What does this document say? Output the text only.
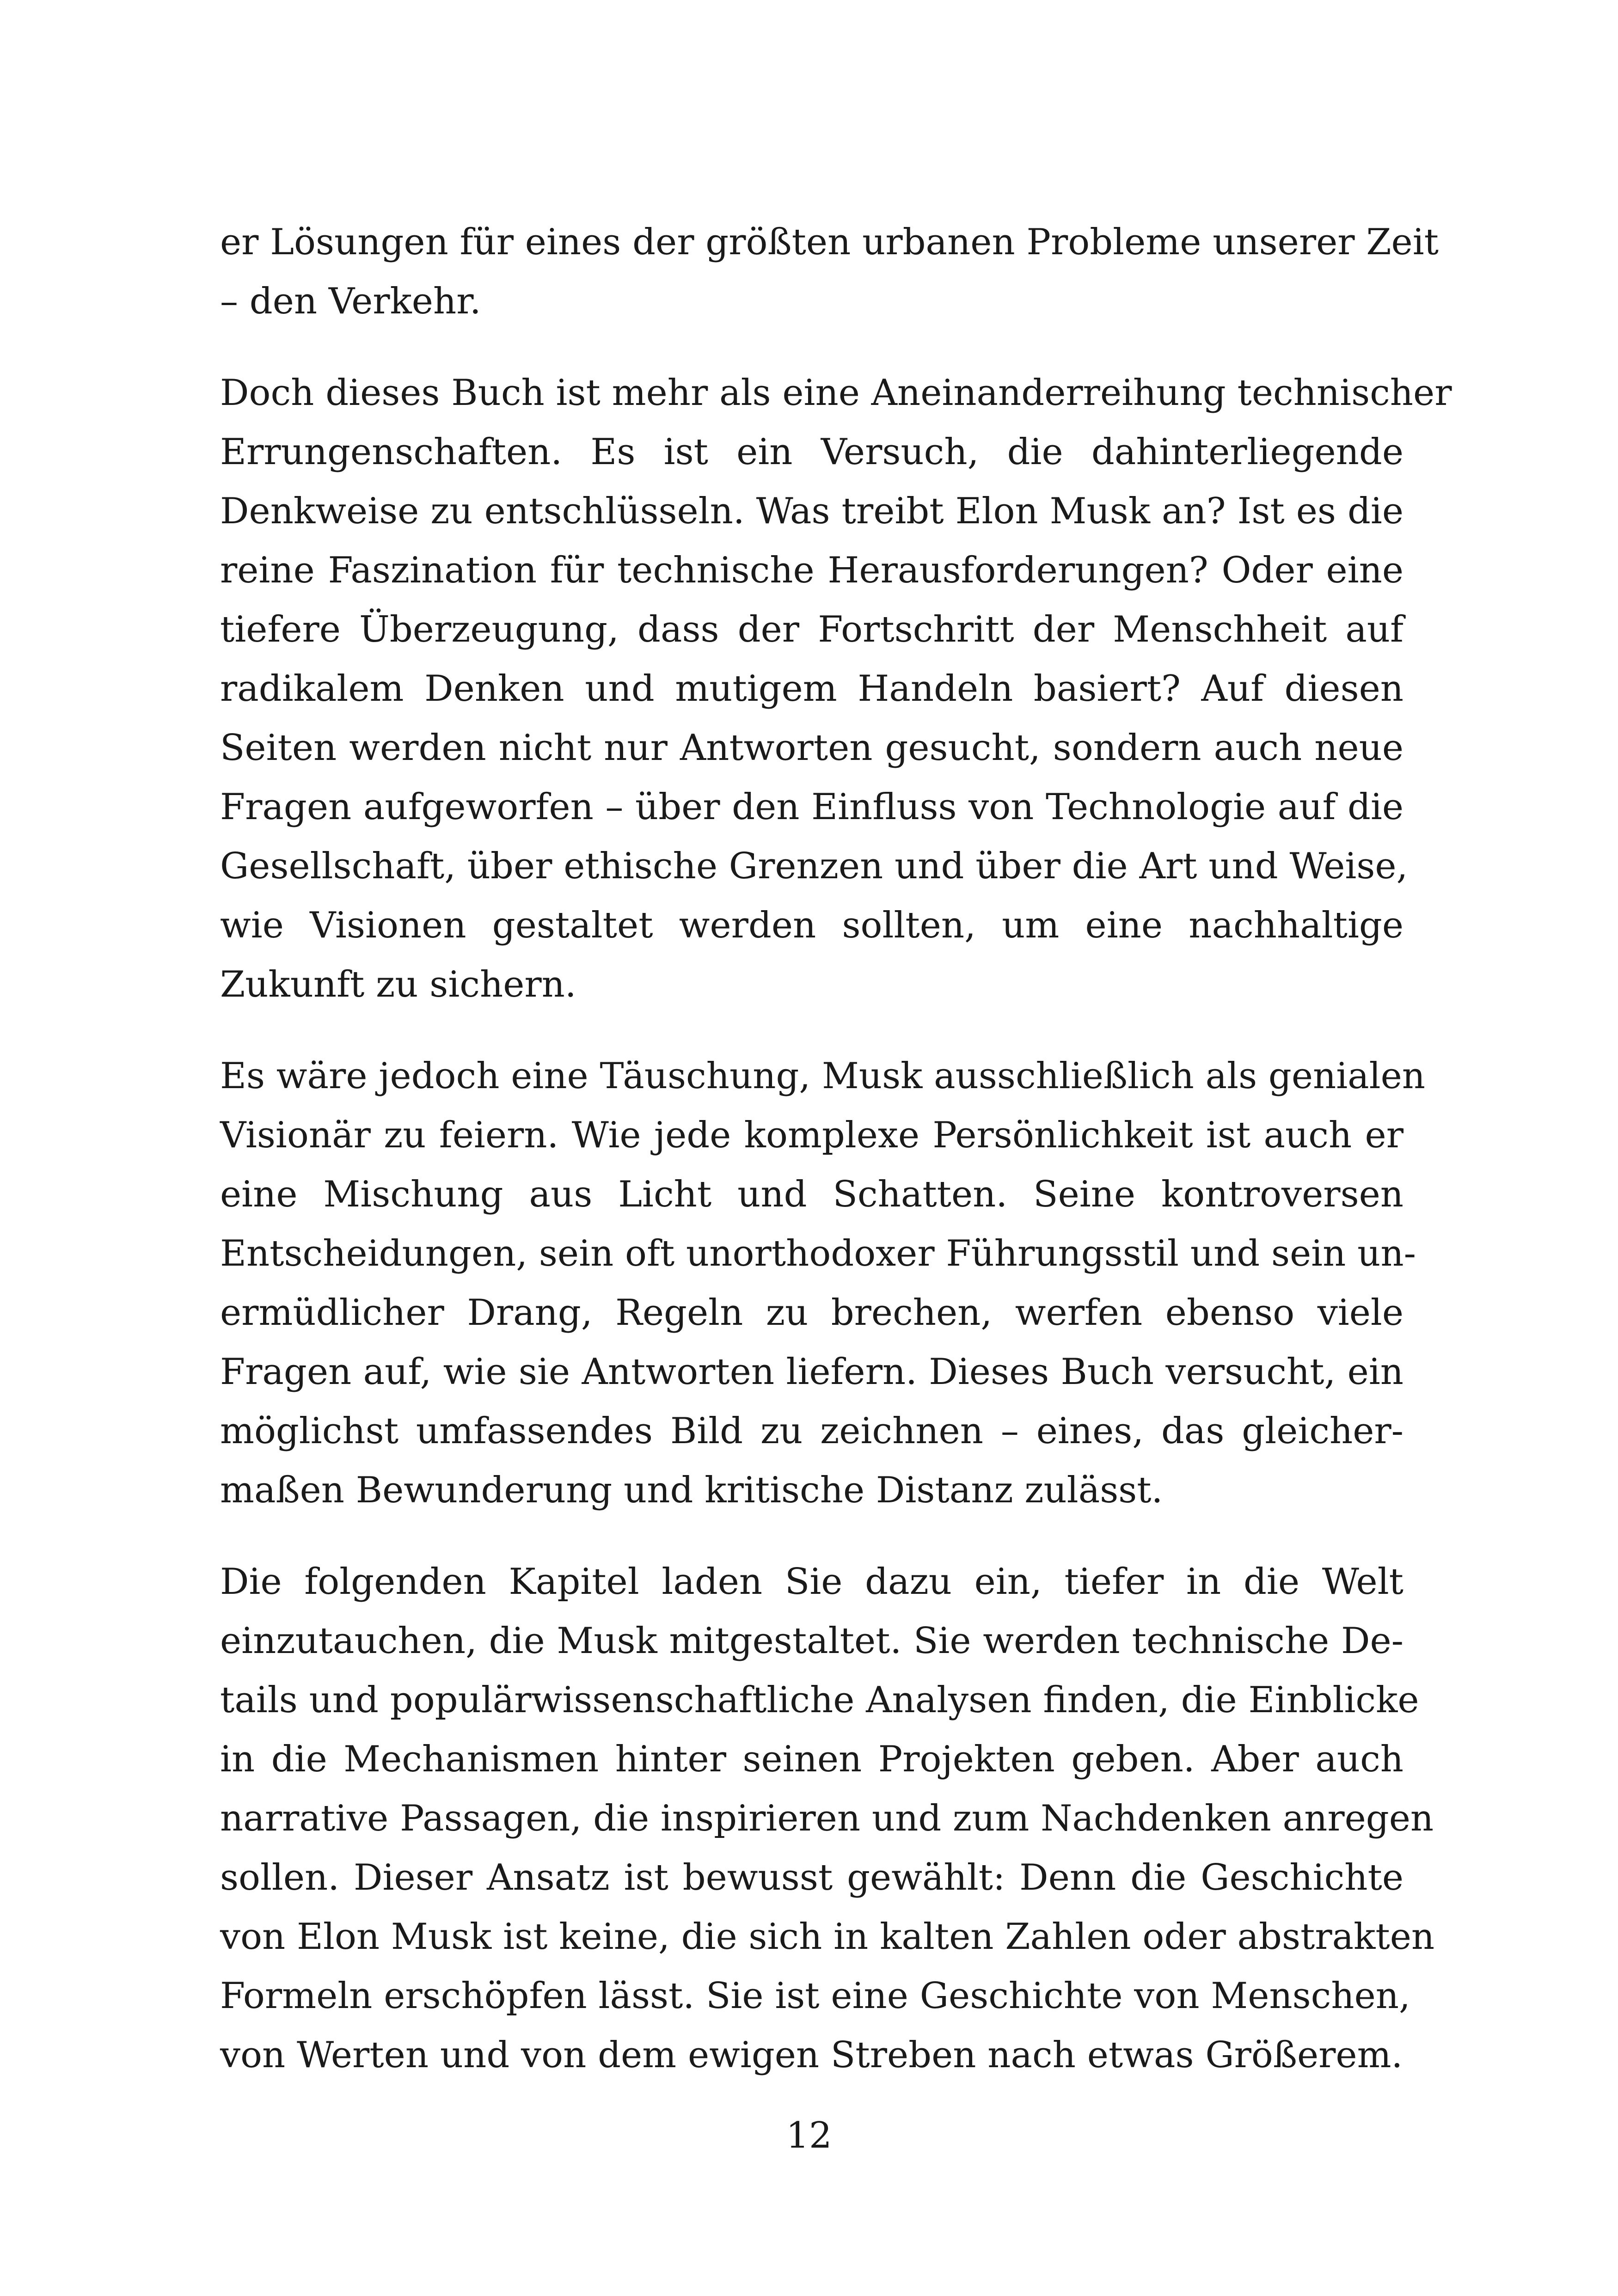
er Lösungen für eines der größten urbanen Probleme unserer Zeit
– den Verkehr.

Doch dieses Buch ist mehr als eine Aneinanderreihung technischer
Errungenschaften. Es ist ein Versuch, die dahinterliegende
Denkweise zu entschlüsseln. Was treibt Elon Musk an? Ist es die
reine Faszination für technische Herausforderungen? Oder eine
tiefere Überzeugung, dass der Fortschritt der Menschheit auf
radikalem Denken und mutigem Handeln basiert? Auf diesen
Seiten werden nicht nur Antworten gesucht, sondern auch neue
Fragen aufgeworfen – über den Einfluss von Technologie auf die
Gesellschaft, über ethische Grenzen und über die Art und Weise,
wie Visionen gestaltet werden sollten, um eine nachhaltige
Zukunft zu sichern.

Es wäre jedoch eine Täuschung, Musk ausschließlich als genialen
Visionär zu feiern. Wie jede komplexe Persönlichkeit ist auch er
eine Mischung aus Licht und Schatten. Seine kontroversen
Entscheidungen, sein oft unorthodoxer Führungsstil und sein un-
ermüdlicher Drang, Regeln zu brechen, werfen ebenso viele
Fragen auf, wie sie Antworten liefern. Dieses Buch versucht, ein
möglichst umfassendes Bild zu zeichnen – eines, das gleicher-
maßen Bewunderung und kritische Distanz zulässt.

Die folgenden Kapitel laden Sie dazu ein, tiefer in die Welt
einzutauchen, die Musk mitgestaltet. Sie werden technische De-
tails und populärwissenschaftliche Analysen finden, die Einblicke
in die Mechanismen hinter seinen Projekten geben. Aber auch
narrative Passagen, die inspirieren und zum Nachdenken anregen
sollen. Dieser Ansatz ist bewusst gewählt: Denn die Geschichte
von Elon Musk ist keine, die sich in kalten Zahlen oder abstrakten
Formeln erschöpfen lässt. Sie ist eine Geschichte von Menschen,
von Werten und von dem ewigen Streben nach etwas Größerem.

12
